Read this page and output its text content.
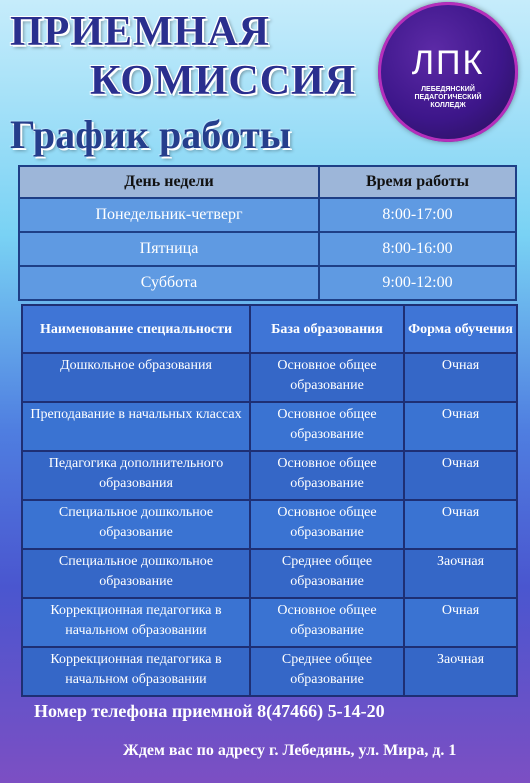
ПРИЕМНАЯ
КОМИССИЯ
График работы
ЛПК
ЛЕБЕДЯНСКИЙ
ПЕДАГОГИЧЕСКИЙ
КОЛЛЕДЖ
День недели	Время работы
Понедельник-четверг	8:00-17:00
Пятница	8:00-16:00
Суббота	9:00-12:00
Наименование специальности	База образования	Форма обучения
Дошкольное образования	Основное общее образование	Очная
Преподавание в начальных классах	Основное общее образование	Очная
Педагогика дополнительного образования	Основное общее образование	Очная
Специальное дошкольное образование	Основное общее образование	Очная
Специальное дошкольное образование	Среднее общее образование	Заочная
Коррекционная педагогика в начальном образовании	Основное общее образование	Очная
Коррекционная педагогика в начальном образовании	Среднее общее образование	Заочная

Номер телефона приемной 8(47466) 5-14-20

Ждем вас по адресу г. Лебедянь, ул. Мира, д. 1
